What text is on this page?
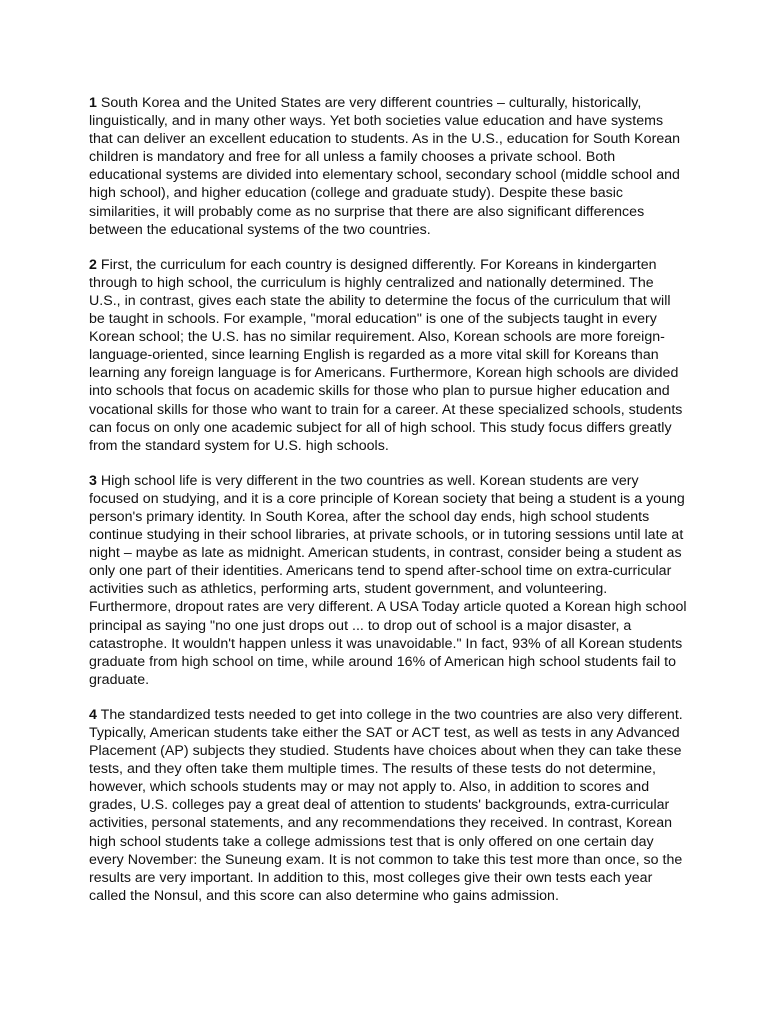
1 South Korea and the United States are very different countries – culturally, historically, linguistically, and in many other ways. Yet both societies value education and have systems that can deliver an excellent education to students. As in the U.S., education for South Korean children is mandatory and free for all unless a family chooses a private school. Both educational systems are divided into elementary school, secondary school (middle school and high school), and higher education (college and graduate study). Despite these basic similarities, it will probably come as no surprise that there are also significant differences between the educational systems of the two countries.

2 First, the curriculum for each country is designed differently. For Koreans in kindergarten through to high school, the curriculum is highly centralized and nationally determined. The U.S., in contrast, gives each state the ability to determine the focus of the curriculum that will be taught in schools. For example, "moral education" is one of the subjects taught in every Korean school; the U.S. has no similar requirement. Also, Korean schools are more foreign-language-oriented, since learning English is regarded as a more vital skill for Koreans than learning any foreign language is for Americans. Furthermore, Korean high schools are divided into schools that focus on academic skills for those who plan to pursue higher education and vocational skills for those who want to train for a career. At these specialized schools, students can focus on only one academic subject for all of high school. This study focus differs greatly from the standard system for U.S. high schools.

3 High school life is very different in the two countries as well. Korean students are very focused on studying, and it is a core principle of Korean society that being a student is a young person's primary identity. In South Korea, after the school day ends, high school students continue studying in their school libraries, at private schools, or in tutoring sessions until late at night – maybe as late as midnight. American students, in contrast, consider being a student as only one part of their identities. Americans tend to spend after-school time on extra-curricular activities such as athletics, performing arts, student government, and volunteering. Furthermore, dropout rates are very different. A USA Today article quoted a Korean high school principal as saying "no one just drops out ... to drop out of school is a major disaster, a catastrophe. It wouldn't happen unless it was unavoidable." In fact, 93% of all Korean students graduate from high school on time, while around 16% of American high school students fail to graduate.

4 The standardized tests needed to get into college in the two countries are also very different. Typically, American students take either the SAT or ACT test, as well as tests in any Advanced Placement (AP) subjects they studied. Students have choices about when they can take these tests, and they often take them multiple times. The results of these tests do not determine, however, which schools students may or may not apply to. Also, in addition to scores and grades, U.S. colleges pay a great deal of attention to students' backgrounds, extra-curricular activities, personal statements, and any recommendations they received. In contrast, Korean high school students take a college admissions test that is only offered on one certain day every November: the Suneung exam. It is not common to take this test more than once, so the results are very important. In addition to this, most colleges give their own tests each year called the Nonsul, and this score can also determine who gains admission.
